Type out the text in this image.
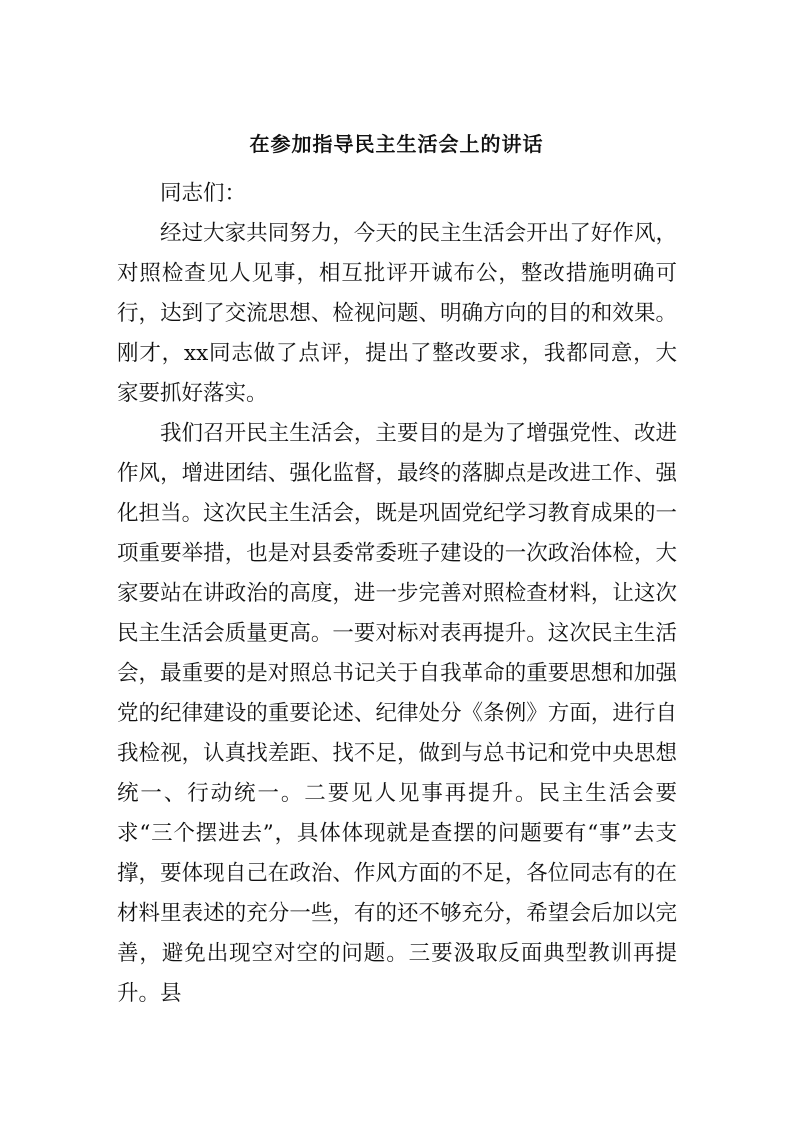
在参加指导民主生活会上的讲话

同志们：

经过大家共同努力，今天的民主生活会开出了好作风，对照检查见人见事，相互批评开诚布公，整改措施明确可行，达到了交流思想、检视问题、明确方向的目的和效果。刚才，xx同志做了点评，提出了整改要求，我都同意，大家要抓好落实。

我们召开民主生活会，主要目的是为了增强党性、改进作风，增进团结、强化监督，最终的落脚点是改进工作、强化担当。这次民主生活会，既是巩固党纪学习教育成果的一项重要举措，也是对县委常委班子建设的一次政治体检，大家要站在讲政治的高度，进一步完善对照检查材料，让这次民主生活会质量更高。一要对标对表再提升。这次民主生活会，最重要的是对照总书记关于自我革命的重要思想和加强党的纪律建设的重要论述、纪律处分《条例》方面，进行自我检视，认真找差距、找不足，做到与总书记和党中央思想统一、行动统一。二要见人见事再提升。民主生活会要求“三个摆进去”，具体体现就是查摆的问题要有“事”去支撑，要体现自己在政治、作风方面的不足，各位同志有的在材料里表述的充分一些，有的还不够充分，希望会后加以完善，避免出现空对空的问题。三要汲取反面典型教训再提升。县
